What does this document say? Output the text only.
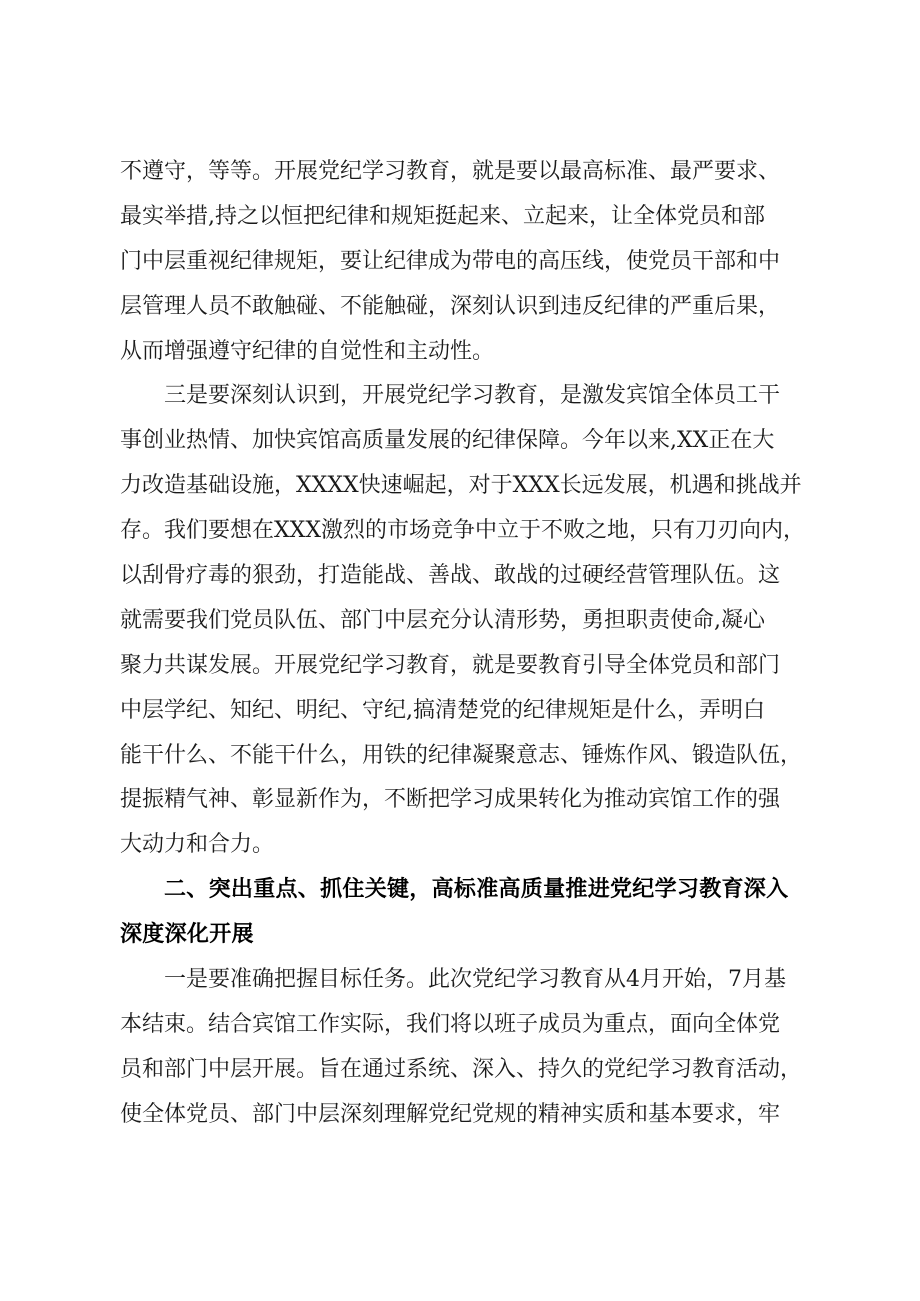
不遵守，等等。开展党纪学习教育，就是要以最高标准、最严要求、
最实举措,持之以恒把纪律和规矩挺起来、立起来，让全体党员和部
门中层重视纪律规矩，要让纪律成为带电的高压线，使党员干部和中
层管理人员不敢触碰、不能触碰，深刻认识到违反纪律的严重后果，
从而增强遵守纪律的自觉性和主动性。
三是要深刻认识到，开展党纪学习教育，是激发宾馆全体员工干
事创业热情、加快宾馆高质量发展的纪律保障。今年以来,XX正在大
力改造基础设施，XXXX快速崛起，对于XXX长远发展，机遇和挑战并
存。我们要想在XXX激烈的市场竞争中立于不败之地，只有刀刃向内，
以刮骨疗毒的狠劲，打造能战、善战、敢战的过硬经营管理队伍。这
就需要我们党员队伍、部门中层充分认清形势，勇担职责使命,凝心
聚力共谋发展。开展党纪学习教育，就是要教育引导全体党员和部门
中层学纪、知纪、明纪、守纪,搞清楚党的纪律规矩是什么，弄明白
能干什么、不能干什么，用铁的纪律凝聚意志、锤炼作风、锻造队伍，
提振精气神、彰显新作为，不断把学习成果转化为推动宾馆工作的强
大动力和合力。
二、突出重点、抓住关键，高标准高质量推进党纪学习教育深入
深度深化开展
一是要准确把握目标任务。此次党纪学习教育从4月开始，7月基
本结束。结合宾馆工作实际，我们将以班子成员为重点，面向全体党
员和部门中层开展。旨在通过系统、深入、持久的党纪学习教育活动，
使全体党员、部门中层深刻理解党纪党规的精神实质和基本要求，牢
